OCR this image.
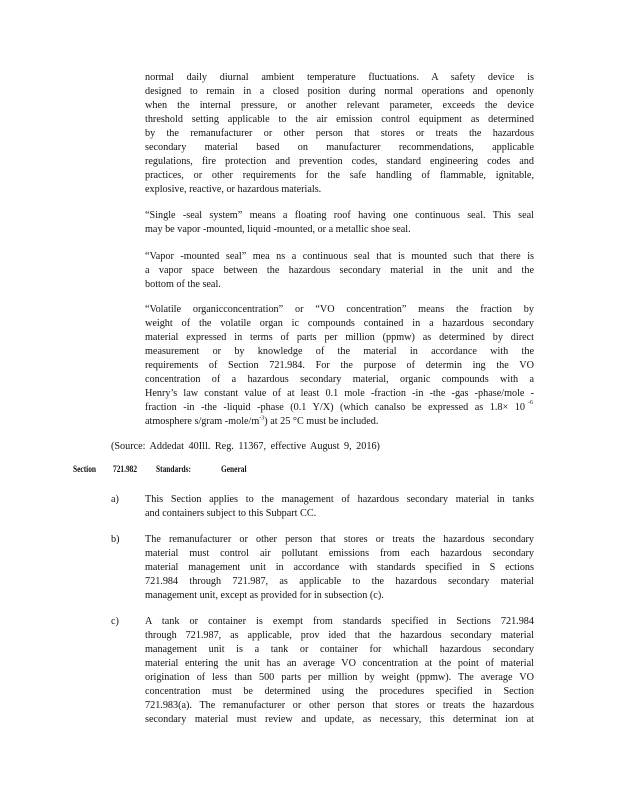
normal daily diurnal ambient temperature fluctuations. A safety device is
designed to remain in a closed position during normal operations and openonly
when the internal pressure, or another relevant parameter, exceeds the device
threshold setting applicable to the air emission control equipment as determined
by the remanufacturer or other person that stores or treats the hazardous
secondary material based on manufacturer recommendations, applicable
regulations, fire protection and prevention codes, standard engineering codes and
practices, or other requirements for the safe handling of flammable, ignitable,
explosive, reactive, or hazardous materials.
“Single -seal system” means a floating roof having one continuous seal. This seal
may be vapor -mounted, liquid -mounted, or a metallic shoe seal.
“Vapor -mounted seal” mea ns a continuous seal that is mounted such that there is
a vapor space between the hazardous secondary material in the unit and the
bottom of the seal.
“Volatile organicconcentration” or “VO concentration” means the fraction by
weight of the volatile organ ic compounds contained in a hazardous secondary
material expressed in terms of parts per million (ppmw) as determined by direct
measurement or by knowledge of the material in accordance with the
requirements of Section 721.984. For the purpose of determin ing the VO
concentration of a hazardous secondary material, organic compounds with a
Henry’s law constant value of at least 0.1 mole -fraction -in -the -gas -phase/mole -
fraction -in -the -liquid -phase (0.1 Y/X) (which canalso be expressed as 1.8× 10 -6
atmosphere s/gram $-mole/m^{-3}$) at 25 °C must be included.
(Source: Addedat 40Ill. Reg. 11367, effective August 9, 2016)
Section 721.982 Standards:	General
a)	This Section applies to the management of hazardous secondary material in tanks
and containers subject to this Subpart CC.
b)	The remanufacturer or other person that stores or treats the hazardous secondary
material must control air pollutant emissions from each hazardous secondary
material management unit in accordance with standards specified in S ections
721.984 through 721.987, as applicable to the hazardous secondary material
management unit, except as provided for in subsection (c).
c)	A tank or container is exempt from standards specified in Sections 721.984
through 721.987, as applicable, prov ided that the hazardous secondary material
management unit is a tank or container for whichall hazardous secondary
material entering the unit has an average VO concentration at the point of material
origination of less than 500 parts per million by weight (ppmw). The average VO
concentration must be determined using the procedures specified in Section
721.983(a). The remanufacturer or other person that stores or treats the hazardous
secondary material must review and update, as necessary, this determinat ion at
